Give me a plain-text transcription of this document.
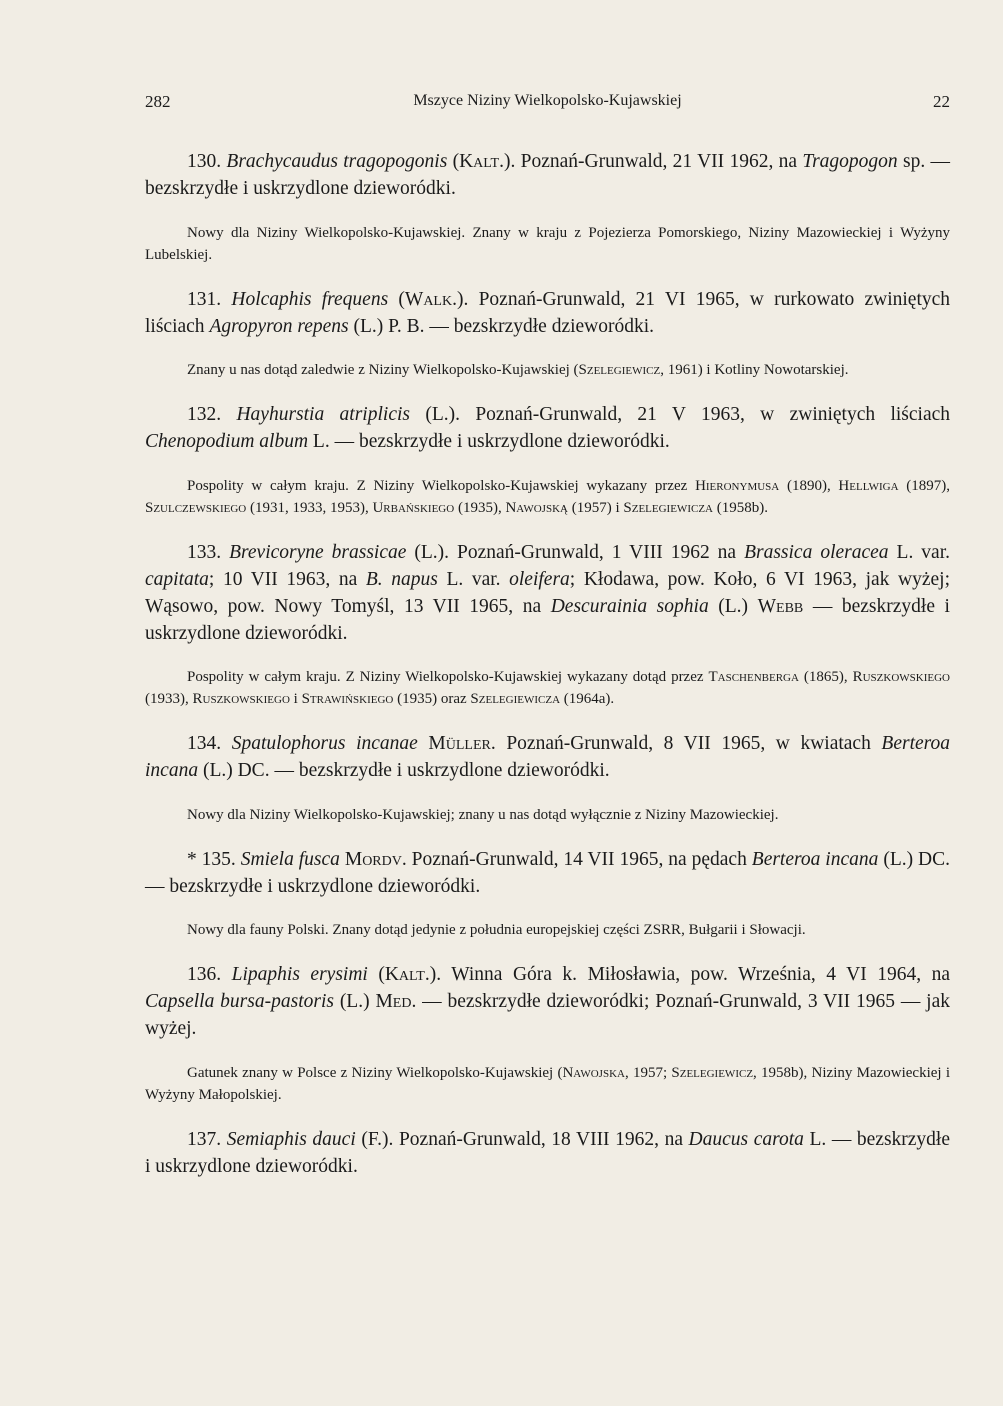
282	Mszyce Niziny Wielkopolsko-Kujawskiej	22

130. Brachycaudus tragopogonis (Kalt.). Poznań-Grunwald, 21 VII 1962, na Tragopogon sp. — bezskrzydłe i uskrzydlone dzieworódki.

Nowy dla Niziny Wielkopolsko-Kujawskiej. Znany w kraju z Pojezierza Pomorskiego, Niziny Mazowieckiej i Wyżyny Lubelskiej.

131. Holcaphis frequens (Walk.). Poznań-Grunwald, 21 VI 1965, w rurkowato zwiniętych liściach Agropyron repens (L.) P. B. — bezskrzydłe dzieworódki.

Znany u nas dotąd zaledwie z Niziny Wielkopolsko-Kujawskiej (Szelegiewicz, 1961) i Kotliny Nowotarskiej.

132. Hayhurstia atriplicis (L.). Poznań-Grunwald, 21 V 1963, w zwiniętych liściach Chenopodium album L. — bezskrzydłe i uskrzydlone dzieworódki.

Pospolity w całym kraju. Z Niziny Wielkopolsko-Kujawskiej wykazany przez Hieronymusa (1890), Hellwiga (1897), Szulczewskiego (1931, 1933, 1953), Urbańskiego (1935), Nawojską (1957) i Szelegiewicza (1958b).

133. Brevicoryne brassicae (L.). Poznań-Grunwald, 1 VIII 1962 na Brassica oleracea L. var. capitata; 10 VII 1963, na B. napus L. var. oleifera; Kłodawa, pow. Koło, 6 VI 1963, jak wyżej; Wąsowo, pow. Nowy Tomyśl, 13 VII 1965, na Descurainia sophia (L.) Webb — bezskrzydłe i uskrzydlone dzieworódki.

Pospolity w całym kraju. Z Niziny Wielkopolsko-Kujawskiej wykazany dotąd przez Taschenberga (1865), Ruszkowskiego (1933), Ruszkowskiego i Strawińskiego (1935) oraz Szelegiewicza (1964a).

134. Spatulophorus incanae Müller. Poznań-Grunwald, 8 VII 1965, w kwiatach Berteroa incana (L.) DC. — bezskrzydłe i uskrzydlone dzieworódki.

Nowy dla Niziny Wielkopolsko-Kujawskiej; znany u nas dotąd wyłącznie z Niziny Mazowieckiej.

* 135. Smiela fusca Mordv. Poznań-Grunwald, 14 VII 1965, na pędach Berteroa incana (L.) DC. — bezskrzydłe i uskrzydlone dzieworódki.

Nowy dla fauny Polski. Znany dotąd jedynie z południa europejskiej części ZSRR, Bułgarii i Słowacji.

136. Lipaphis erysimi (Kalt.). Winna Góra k. Miłosławia, pow. Września, 4 VI 1964, na Capsella bursa-pastoris (L.) Med. — bezskrzydłe dzieworódki; Poznań-Grunwald, 3 VII 1965 — jak wyżej.

Gatunek znany w Polsce z Niziny Wielkopolsko-Kujawskiej (Nawojska, 1957; Szelegiewicz, 1958b), Niziny Mazowieckiej i Wyżyny Małopolskiej.

137. Semiaphis dauci (F.). Poznań-Grunwald, 18 VIII 1962, na Daucus carota L. — bezskrzydłe i uskrzydlone dzieworódki.
